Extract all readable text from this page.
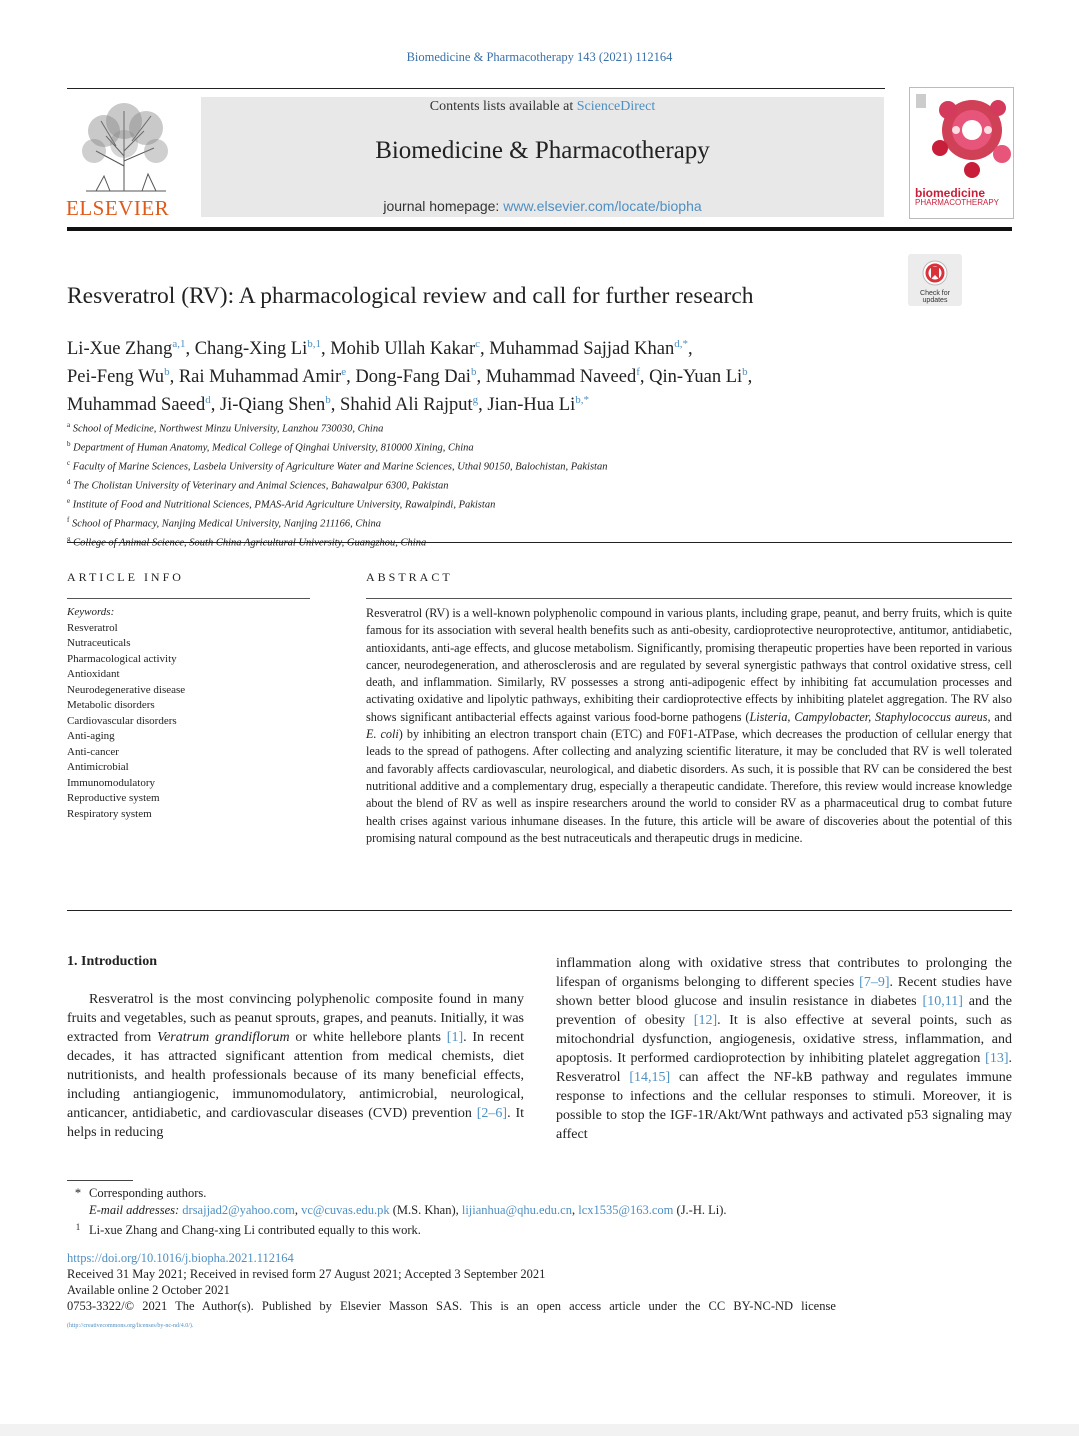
Biomedicine & Pharmacotherapy 143 (2021) 112164
ELSEVIER
Contents lists available at ScienceDirect
Biomedicine & Pharmacotherapy
journal homepage: www.elsevier.com/locate/biopha
biomedicine
PHARMACOTHERAPY
Check for updates
Resveratrol (RV): A pharmacological review and call for further research
Li-Xue Zhang$^{a,1}$, Chang-Xing Li$^{b,1}$, Mohib Ullah Kakar$^c$, Muhammad Sajjad Khan$^{d,*}$,
Pei-Feng Wu$^b$, Rai Muhammad Amir$^e$, Dong-Fang Dai$^b$, Muhammad Naveed$^f$, Qin-Yuan Li$^b$,
Muhammad Saeed$^d$, Ji-Qiang Shen$^b$, Shahid Ali Rajput$^g$, Jian-Hua $Li^{b,*}$
$^a$ School of Medicine, Northwest Minzu University, Lanzhou 730030, China
$^b$ Department of Human Anatomy, Medical College of Qinghai University, 810000 Xining, China
$^c$ Faculty of Marine Sciences, Lasbela University of Agriculture Water and Marine Sciences, Uthal 90150, Balochistan, Pakistan
$^d$ The Cholistan University of Veterinary and Animal Sciences, Bahawalpur 6300, Pakistan
$^e$ Institute of Food and Nutritional Sciences, PMAS-Arid Agriculture University, Rawalpindi, Pakistan
$^f$ School of Pharmacy, Nanjing Medical University, Nanjing 211166, China
$^g$ College of Animal Science, South China Agricultural University, Guangzhou, China
ARTICLE INFO	ABSTRACT
Keywords:
Resveratrol
Nutraceuticals
Pharmacological activity
Antioxidant
Neurodegenerative disease
Metabolic disorders
Cardiovascular disorders
Anti-aging
Anti-cancer
Antimicrobial
Immunomodulatory
Reproductive system
Respiratory system
Resveratrol (RV) is a well-known polyphenolic compound in various plants, including grape, peanut, and berry fruits, which is quite famous for its association with several health benefits such as anti-obesity, cardioprotective neuroprotective, antitumor, antidiabetic, antioxidants, anti-age effects, and glucose metabolism. Significantly, promising therapeutic properties have been reported in various cancer, neurodegeneration, and atherosclerosis and are regulated by several synergistic pathways that control oxidative stress, cell death, and inflammation. Similarly, RV possesses a strong anti-adipogenic effect by inhibiting fat accumulation processes and activating oxidative and lipolytic pathways, exhibiting their cardioprotective effects by inhibiting platelet aggregation. The RV also shows significant antibacterial effects against various food-borne pathogens (Listeria, Campylobacter, Staphylococcus aureus, and E. coli) by inhibiting an electron transport chain (ETC) and F0F1-ATPase, which decreases the production of cellular energy that leads to the spread of pathogens. After collecting and analyzing scientific literature, it may be concluded that RV is well tolerated and favorably affects cardiovascular, neurological, and diabetic disorders. As such, it is possible that RV can be considered the best nutritional additive and a complementary drug, especially a therapeutic candidate. Therefore, this review would increase knowledge about the blend of RV as well as inspire researchers around the world to consider RV as a pharmaceutical drug to combat future health crises against various inhumane diseases. In the future, this article will be aware of discoveries about the potential of this promising natural compound as the best nutraceuticals and therapeutic drugs in medicine.
1. Introduction
Resveratrol is the most convincing polyphenolic composite found in many fruits and vegetables, such as peanut sprouts, grapes, and peanuts. Initially, it was extracted from Veratrum grandiflorum or white hellebore plants [1]. In recent decades, it has attracted significant attention from medical chemists, diet nutritionists, and health professionals because of its many beneficial effects, including antiangiogenic, immunomodulatory, antimicrobial, neurological, anticancer, antidiabetic, and cardiovascular diseases (CVD) prevention [2–6]. It helps in reducing
inflammation along with oxidative stress that contributes to prolonging the lifespan of organisms belonging to different species [7–9]. Recent studies have shown better blood glucose and insulin resistance in diabetes [10,11] and the prevention of obesity [12]. It is also effective at several points, such as mitochondrial dysfunction, angiogenesis, oxidative stress, inflammation, and apoptosis. It performed cardioprotection by inhibiting platelet aggregation [13]. Resveratrol [14,15] can affect the NF-kB pathway and regulates immune response to infections and the cellular responses to stimuli. Moreover, it is possible to stop the IGF-1R/Akt/Wnt pathways and activated p53 signaling may affect
* Corresponding authors.
E-mail addresses: drsajjad2@yahoo.com, vc@cuvas.edu.pk (M.S. Khan), lijianhua@qhu.edu.cn, lcx1535@163.com (J.-H. Li).
1 Li-xue Zhang and Chang-xing Li contributed equally to this work.
https://doi.org/10.1016/j.biopha.2021.112164
Received 31 May 2021; Received in revised form 27 August 2021; Accepted 3 September 2021
Available online 2 October 2021
0753-3322/© 2021 The Author(s). Published by Elsevier Masson SAS. This is an open access article under the CC BY-NC-ND license
(http://creativecommons.org/licenses/by-nc-nd/4.0/).
